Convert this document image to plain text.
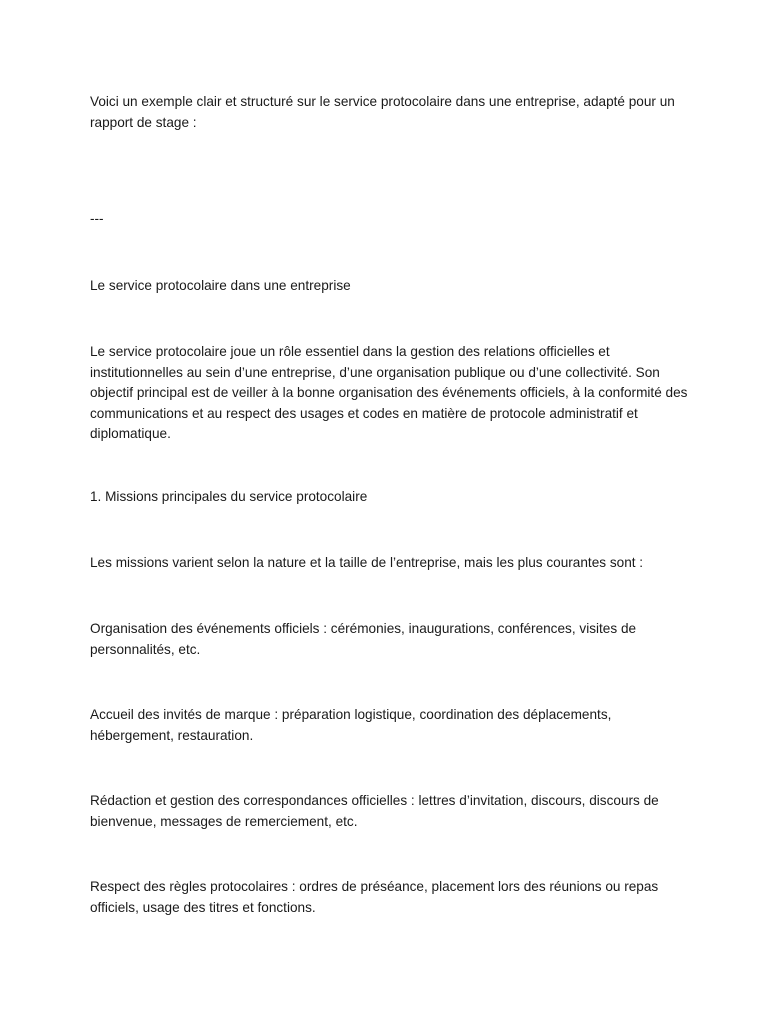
Voici un exemple clair et structuré sur le service protocolaire dans une entreprise, adapté pour un rapport de stage :

---

Le service protocolaire dans une entreprise

Le service protocolaire joue un rôle essentiel dans la gestion des relations officielles et institutionnelles au sein d’une entreprise, d’une organisation publique ou d’une collectivité. Son objectif principal est de veiller à la bonne organisation des événements officiels, à la conformité des communications et au respect des usages et codes en matière de protocole administratif et diplomatique.

1. Missions principales du service protocolaire

Les missions varient selon la nature et la taille de l’entreprise, mais les plus courantes sont :

Organisation des événements officiels : cérémonies, inaugurations, conférences, visites de personnalités, etc.

Accueil des invités de marque : préparation logistique, coordination des déplacements, hébergement, restauration.

Rédaction et gestion des correspondances officielles : lettres d’invitation, discours, discours de bienvenue, messages de remerciement, etc.

Respect des règles protocolaires : ordres de préséance, placement lors des réunions ou repas officiels, usage des titres et fonctions.
